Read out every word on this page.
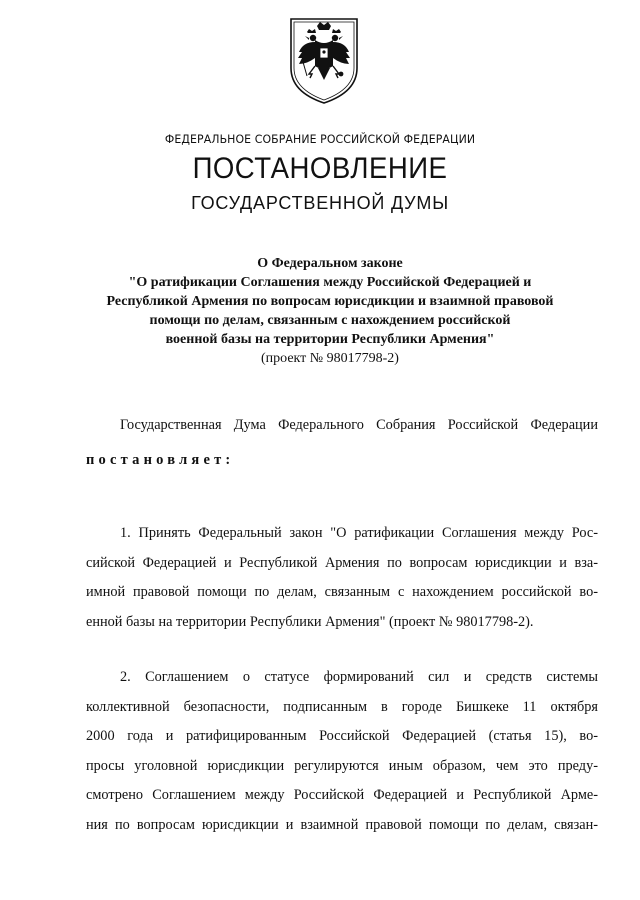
ФЕДЕРАЛЬНОЕ СОБРАНИЕ РОССИЙСКОЙ ФЕДЕРАЦИИ
ПОСТАНОВЛЕНИЕ
ГОСУДАРСТВЕННОЙ ДУМЫ
О Федеральном законе
"О ратификации Соглашения между Российской Федерацией и
Республикой Армения по вопросам юрисдикции и взаимной правовой
помощи по делам, связанным с нахождением российской
военной базы на территории Республики Армения"
(проект № 98017798-2)
Государственная Дума Федерального Собрания Российской Федерации
постановляет:
1. Принять Федеральный закон "О ратификации Соглашения между Рос-
сийской Федерацией и Республикой Армения по вопросам юрисдикции и вза-
имной правовой помощи по делам, связанным с нахождением российской во-
енной базы на территории Республики Армения" (проект № 98017798-2).
2. Соглашением о статусе формирований сил и средств системы
коллективной безопасности, подписанным в городе Бишкеке 11 октября
2000 года и ратифицированным Российской Федерацией (статья 15), во-
просы уголовной юрисдикции регулируются иным образом, чем это преду-
смотрено Соглашением между Российской Федерацией и Республикой Арме-
ния по вопросам юрисдикции и взаимной правовой помощи по делам, связан-
